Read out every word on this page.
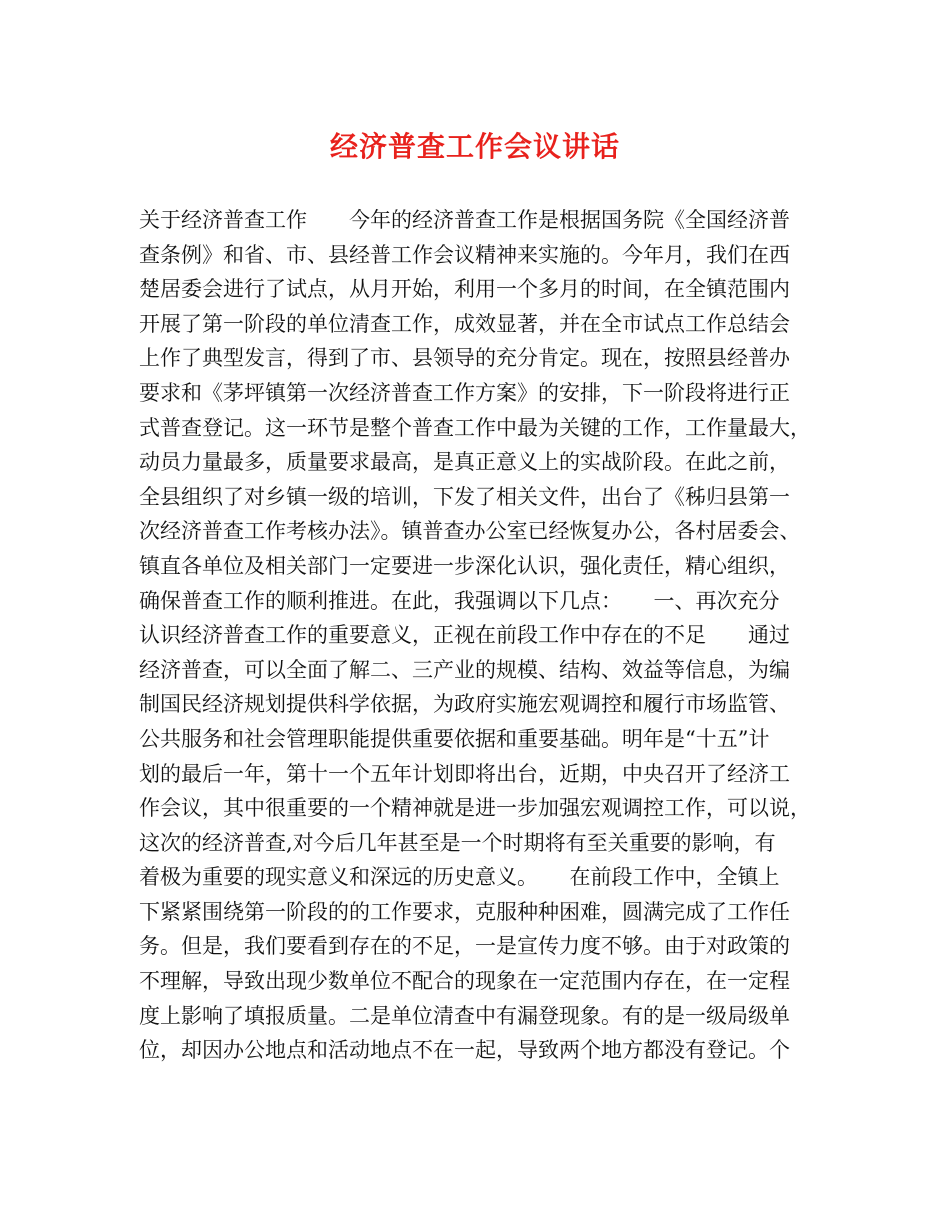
经济普查工作会议讲话
关于经济普查工作　　今年的经济普查工作是根据国务院《全国经济普
查条例》和省、市、县经普工作会议精神来实施的。今年月，我们在西
楚居委会进行了试点，从月开始，利用一个多月的时间，在全镇范围内
开展了第一阶段的单位清查工作，成效显著，并在全市试点工作总结会
上作了典型发言，得到了市、县领导的充分肯定。现在，按照县经普办
要求和《茅坪镇第一次经济普查工作方案》的安排，下一阶段将进行正
式普查登记。这一环节是整个普查工作中最为关键的工作，工作量最大，
动员力量最多，质量要求最高，是真正意义上的实战阶段。在此之前，
全县组织了对乡镇一级的培训，下发了相关文件，出台了《秭归县第一
次经济普查工作考核办法》。镇普查办公室已经恢复办公，各村居委会、
镇直各单位及相关部门一定要进一步深化认识，强化责任，精心组织，
确保普查工作的顺利推进。在此，我强调以下几点：　　一、再次充分
认识经济普查工作的重要意义，正视在前段工作中存在的不足　　通过
经济普查，可以全面了解二、三产业的规模、结构、效益等信息，为编
制国民经济规划提供科学依据，为政府实施宏观调控和履行市场监管、
公共服务和社会管理职能提供重要依据和重要基础。明年是“十五”计
划的最后一年，第十一个五年计划即将出台，近期，中央召开了经济工
作会议，其中很重要的一个精神就是进一步加强宏观调控工作，可以说，
这次的经济普查,对今后几年甚至是一个时期将有至关重要的影响，有
着极为重要的现实意义和深远的历史意义。　　在前段工作中，全镇上
下紧紧围绕第一阶段的的工作要求，克服种种困难，圆满完成了工作任
务。但是，我们要看到存在的不足，一是宣传力度不够。由于对政策的
不理解，导致出现少数单位不配合的现象在一定范围内存在，在一定程
度上影响了填报质量。二是单位清查中有漏登现象。有的是一级局级单
位，却因办公地点和活动地点不在一起，导致两个地方都没有登记。个
